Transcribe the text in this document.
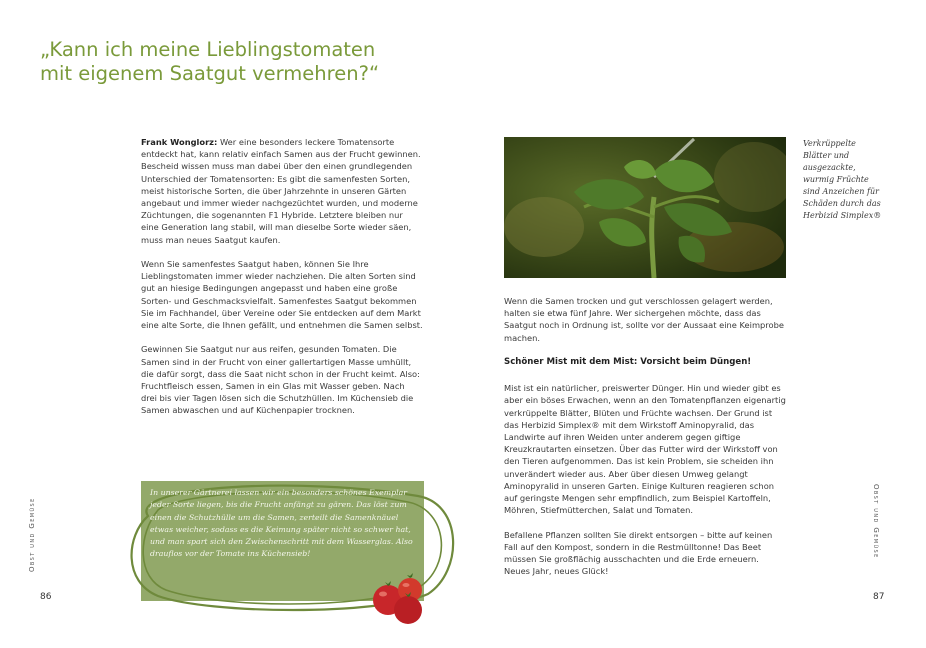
„Kann ich meine Lieblingstomaten
mit eigenem Saatgut vermehren?“

Frank Wonglorz: Wer eine besonders leckere Tomatensorte entdeckt hat, kann relativ einfach Samen aus der Frucht gewinnen. Bescheid wissen muss man dabei über den einen grundlegenden Unterschied der Tomatensorten: Es gibt die samenfesten Sorten, meist historische Sorten, die über Jahrzehnte in unseren Gärten angebaut und immer wieder nachgezüchtet wurden, und moderne Züchtungen, die sogenannten F1 Hybride. Letztere bleiben nur eine Generation lang stabil, will man dieselbe Sorte wieder säen, muss man neues Saatgut kaufen.

Wenn Sie samenfestes Saatgut haben, können Sie Ihre Lieblingstomaten immer wieder nachziehen. Die alten Sorten sind gut an hiesige Bedingungen angepasst und haben eine große Sorten- und Geschmacksvielfalt. Samenfestes Saatgut bekommen Sie im Fachhandel, über Vereine oder Sie entdecken auf dem Markt eine alte Sorte, die Ihnen gefällt, und entnehmen die Samen selbst.

Gewinnen Sie Saatgut nur aus reifen, gesunden Tomaten. Die Samen sind in der Frucht von einer gallertartigen Masse umhüllt, die dafür sorgt, dass die Saat nicht schon in der Frucht keimt. Also: Fruchtfleisch essen, Samen in ein Glas mit Wasser geben. Nach drei bis vier Tagen lösen sich die Schutzhüllen. Im Küchensieb die Samen abwaschen und auf Küchenpapier trocknen.

In unserer Gärtnerei lassen wir ein besonders schönes Exemplar jeder Sorte liegen, bis die Frucht anfängt zu gären. Das löst zum einen die Schutzhülle um die Samen, zerteilt die Samenknäuel etwas weicher, sodass es die Keimung später nicht so schwer hat, und man spart sich den Zwischenschritt mit dem Wasserglas. Also drauflos vor der Tomate ins Küchensieb!
Verkrüppelte Blätter und ausgezackte, wurmig Früchte sind Anzeichen für Schäden durch das Herbizid Simplex®

Wenn die Samen trocken und gut verschlossen gelagert werden, halten sie etwa fünf Jahre. Wer sichergehen möchte, dass das Saatgut noch in Ordnung ist, sollte vor der Aussaat eine Keimprobe machen.

Schöner Mist mit dem Mist: Vorsicht beim Düngen!

Mist ist ein natürlicher, preiswerter Dünger. Hin und wieder gibt es aber ein böses Erwachen, wenn an den Tomatenpflanzen eigenartig verkrüppelte Blätter, Blüten und Früchte wachsen. Der Grund ist das Herbizid Simplex® mit dem Wirkstoff Aminopyralid, das Landwirte auf ihren Weiden unter anderem gegen giftige Kreuzkrautarten einsetzen. Über das Futter wird der Wirkstoff von den Tieren aufgenommen. Das ist kein Problem, sie scheiden ihn unverändert wieder aus. Aber über diesen Umweg gelangt Aminopyralid in unseren Garten. Einige Kulturen reagieren schon auf geringste Mengen sehr empfindlich, zum Beispiel Kartoffeln, Möhren, Stiefmütterchen, Salat und Tomaten.

Befallene Pflanzen sollten Sie direkt entsorgen – bitte auf keinen Fall auf den Kompost, sondern in die Restmülltonne! Das Beet müssen Sie großflächig ausschachten und die Erde erneuern. Neues Jahr, neues Glück!

Obst und Gemüse	Obst und Gemüse
86	87
